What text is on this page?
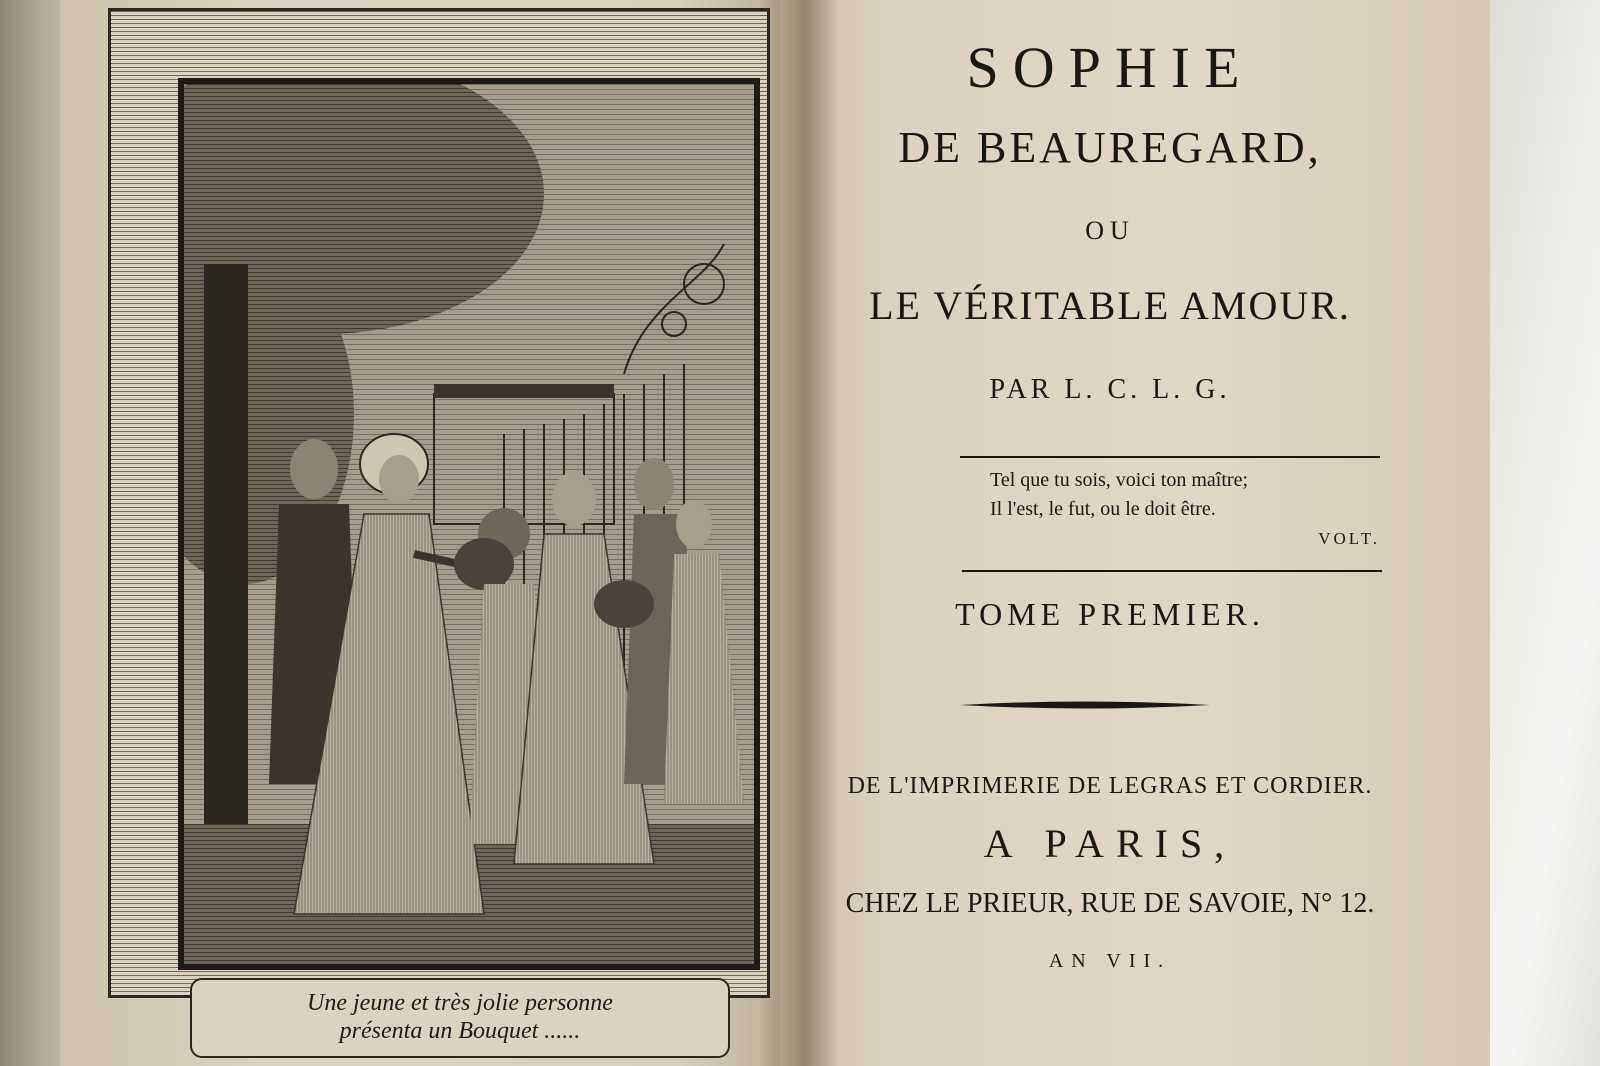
Une jeune et très jolie personne
présenta un Bouquet ......
SOPHIE
DE BEAUREGARD,
OU
LE VÉRITABLE AMOUR.
PAR L. C. L. G.
Tel que tu sois, voici ton maître;
Il l'est, le fut, ou le doit être.
VOLT.
TOME PREMIER.
DE L'IMPRIMERIE DE LEGRAS ET CORDIER.
A PARIS,
CHEZ LE PRIEUR, RUE DE SAVOIE, N° 12.
AN VII.
